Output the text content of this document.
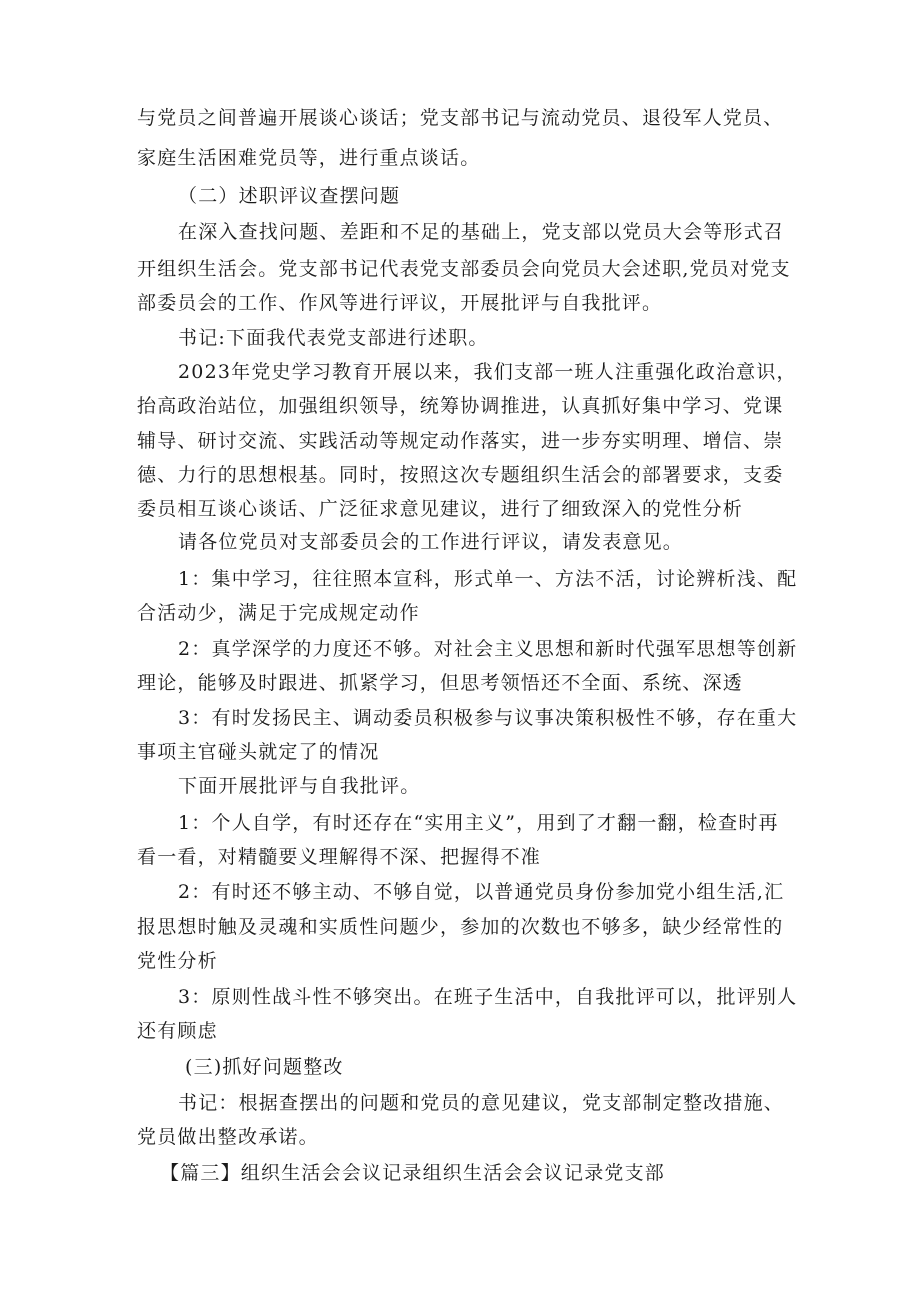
与党员之间普遍开展谈心谈话；党支部书记与流动党员、退役军人党员、
家庭生活困难党员等，进行重点谈话。
（二）述职评议查摆问题
在深入查找问题、差距和不足的基础上，党支部以党员大会等形式召
开组织生活会。党支部书记代表党支部委员会向党员大会述职,党员对党支
部委员会的工作、作风等进行评议，开展批评与自我批评。
书记:下面我代表党支部进行述职。
2023年党史学习教育开展以来，我们支部一班人注重强化政治意识，
抬高政治站位，加强组织领导，统筹协调推进，认真抓好集中学习、党课
辅导、研讨交流、实践活动等规定动作落实，进一步夯实明理、增信、崇
德、力行的思想根基。同时，按照这次专题组织生活会的部署要求，支委
委员相互谈心谈话、广泛征求意见建议，进行了细致深入的党性分析
请各位党员对支部委员会的工作进行评议，请发表意见。
1：集中学习，往往照本宣科，形式单一、方法不活，讨论辨析浅、配
合活动少，满足于完成规定动作
2：真学深学的力度还不够。对社会主义思想和新时代强军思想等创新
理论，能够及时跟进、抓紧学习，但思考领悟还不全面、系统、深透
3：有时发扬民主、调动委员积极参与议事决策积极性不够，存在重大
事项主官碰头就定了的情况
下面开展批评与自我批评。
1：个人自学，有时还存在“实用主义”，用到了才翻一翻，检查时再
看一看，对精髓要义理解得不深、把握得不准
2：有时还不够主动、不够自觉，以普通党员身份参加党小组生活,汇
报思想时触及灵魂和实质性问题少，参加的次数也不够多，缺少经常性的
党性分析
3：原则性战斗性不够突出。在班子生活中，自我批评可以，批评别人
还有顾虑
(三)抓好问题整改
书记：根据查摆出的问题和党员的意见建议，党支部制定整改措施、
党员做出整改承诺。
【篇三】组织生活会会议记录组织生活会会议记录党支部
